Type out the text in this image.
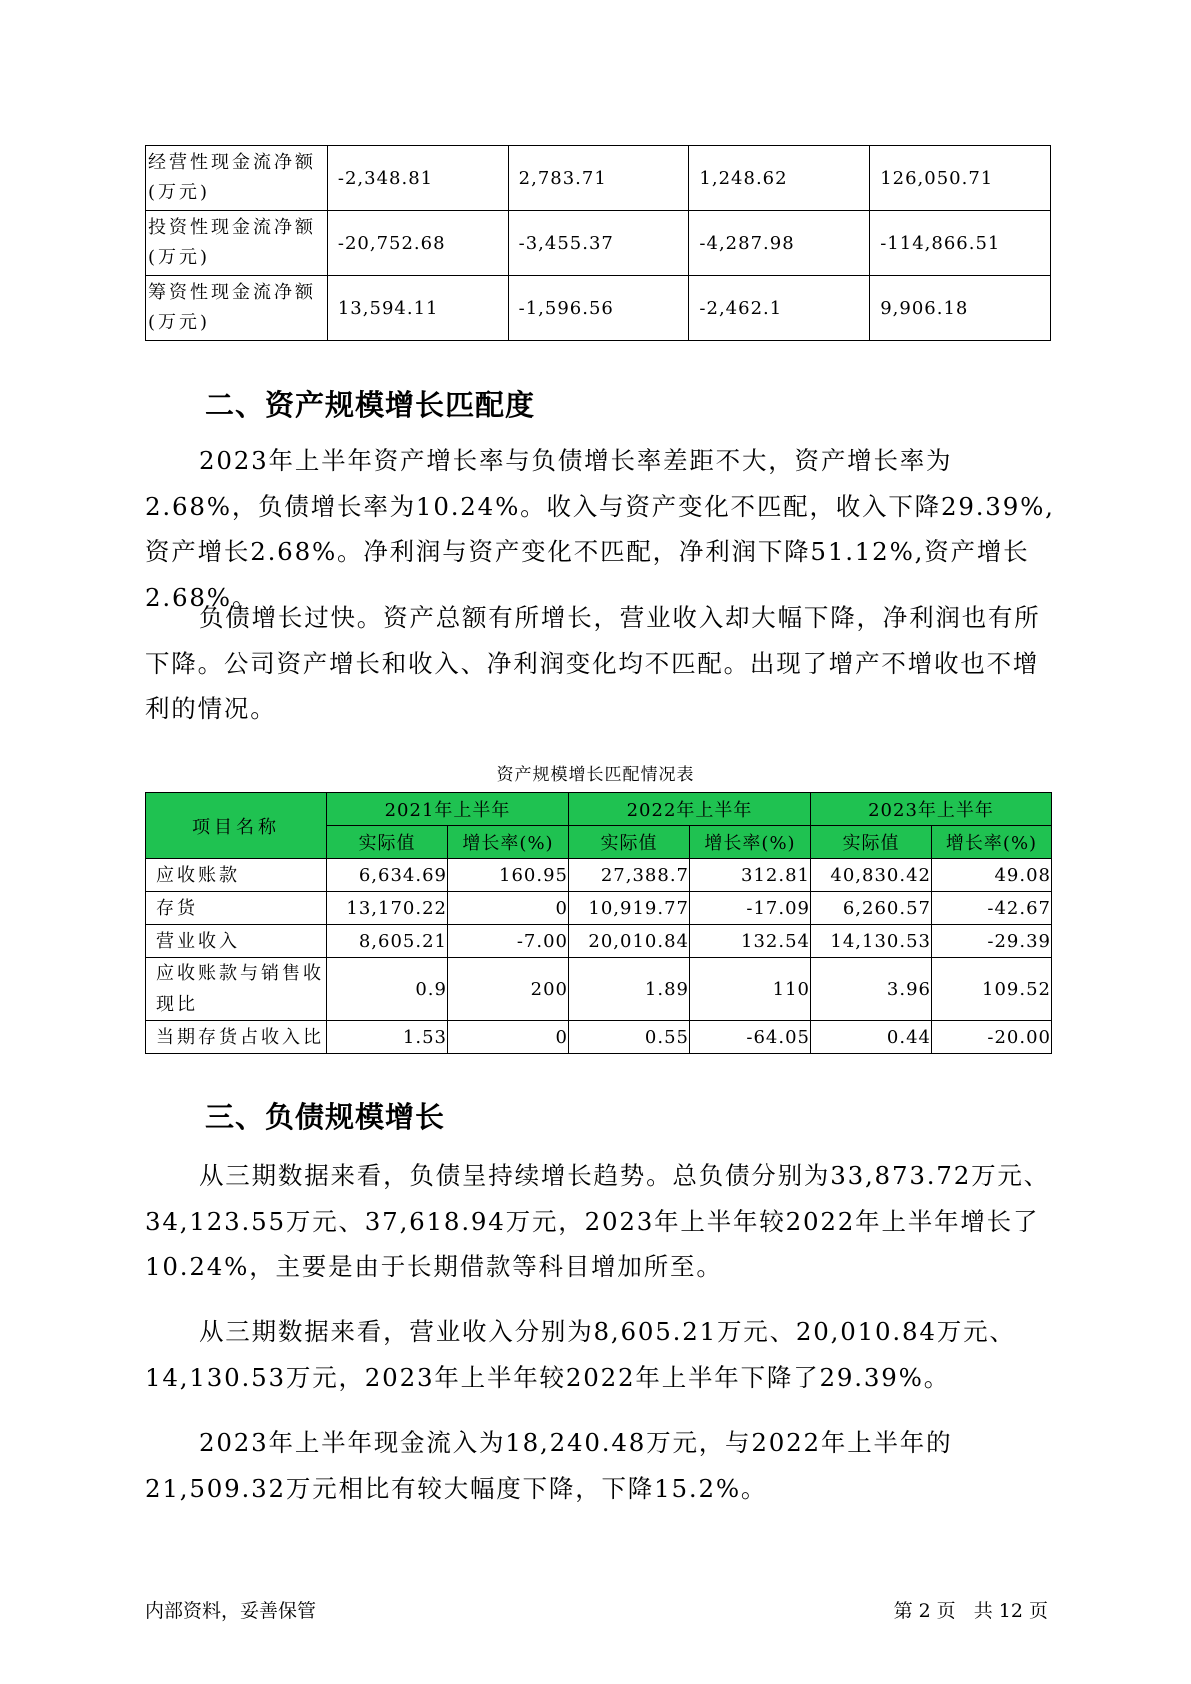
经营性现金流净额(万元)	-2,348.81	2,783.71	1,248.62	126,050.71
投资性现金流净额(万元)	-20,752.68	-3,455.37	-4,287.98	-114,866.51
筹资性现金流净额(万元)	13,594.11	-1,596.56	-2,462.1	9,906.18
二、资产规模增长匹配度

2023年上半年资产增长率与负债增长率差距不大，资产增长率为2.68%，负债增长率为10.24%。收入与资产变化不匹配，收入下降29.39%,资产增长2.68%。净利润与资产变化不匹配，净利润下降51.12%,资产增长2.68%。

负债增长过快。资产总额有所增长，营业收入却大幅下降，净利润也有所下降。公司资产增长和收入、净利润变化均不匹配。出现了增产不增收也不增利的情况。

资产规模增长匹配情况表
项目名称	2021年上半年		2022年上半年		2023年上半年	
	实际值	增长率(%)	实际值	增长率(%)	实际值	增长率(%)
应收账款	6,634.69	160.95	27,388.7	312.81	40,830.42	49.08
存货	13,170.22	0	10,919.77	-17.09	6,260.57	-42.67
营业收入	8,605.21	-7.00	20,010.84	132.54	14,130.53	-29.39
应收账款与销售收现比	0.9	200	1.89	110	3.96	109.52
当期存货占收入比	1.53	0	0.55	-64.05	0.44	-20.00
三、负债规模增长

从三期数据来看，负债呈持续增长趋势。总负债分别为33,873.72万元、34,123.55万元、37,618.94万元，2023年上半年较2022年上半年增长了10.24%，主要是由于长期借款等科目增加所至。

从三期数据来看，营业收入分别为8,605.21万元、20,010.84万元、14,130.53万元，2023年上半年较2022年上半年下降了29.39%。

2023年上半年现金流入为18,240.48万元，与2022年上半年的21,509.32万元相比有较大幅度下降，下降15.2%。

内部资料，妥善保管	第 2 页 共 12 页
